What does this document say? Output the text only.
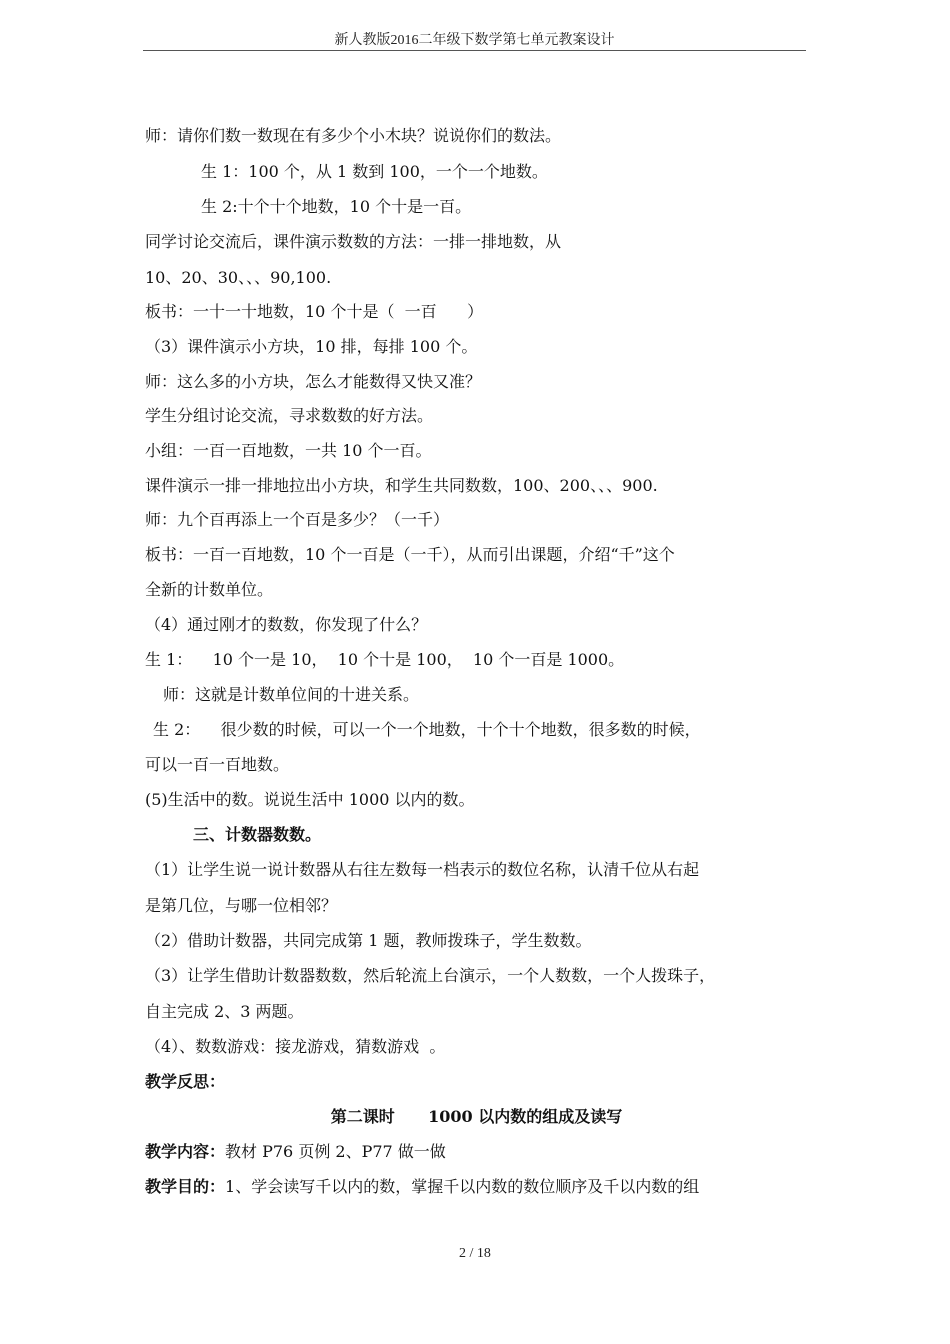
新人教版2016二年级下数学第七单元教案设计
师：请你们数一数现在有多少个小木块？说说你们的数法。
生 1：100 个，从 1 数到 100，一个一个地数。
生 2:十个十个地数，10 个十是一百。
同学讨论交流后，课件演示数数的方法：一排一排地数，从
10、20、30、、、90,100.
板书：一十一十地数，10 个十是（  一百      ）
（3）课件演示小方块，10 排，每排 100 个。
师：这么多的小方块，怎么才能数得又快又准？
学生分组讨论交流，寻求数数的好方法。
小组：一百一百地数，一共 10 个一百。
课件演示一排一排地拉出小方块，和学生共同数数，100、200、、、900.
师：九个百再添上一个百是多少？（一千）
板书：一百一百地数，10 个一百是（一千），从而引出课题，介绍“千”这个
全新的计数单位。
（4）通过刚才的数数，你发现了什么？
生 1：    10 个一是 10，  10 个十是 100，  10 个一百是 1000。
师：这就是计数单位间的十进关系。
生 2：    很少数的时候，可以一个一个地数，十个十个地数，很多数的时候，
可以一百一百地数。
(5)生活中的数。说说生活中 1000 以内的数。
三、计数器数数。
（1）让学生说一说计数器从右往左数每一档表示的数位名称，认清千位从右起
是第几位，与哪一位相邻？
（2）借助计数器，共同完成第 1 题，教师拨珠子，学生数数。
（3）让学生借助计数器数数，然后轮流上台演示，一个人数数，一个人拨珠子，
自主完成 2、3 两题。
（4）、数数游戏：接龙游戏，猜数游戏  。
教学反思：
第二课时      1000 以内数的组成及读写
教学内容：教材 P76 页例 2、P77 做一做
教学目的：1、学会读写千以内的数，掌握千以内数的数位顺序及千以内数的组
2 / 18
